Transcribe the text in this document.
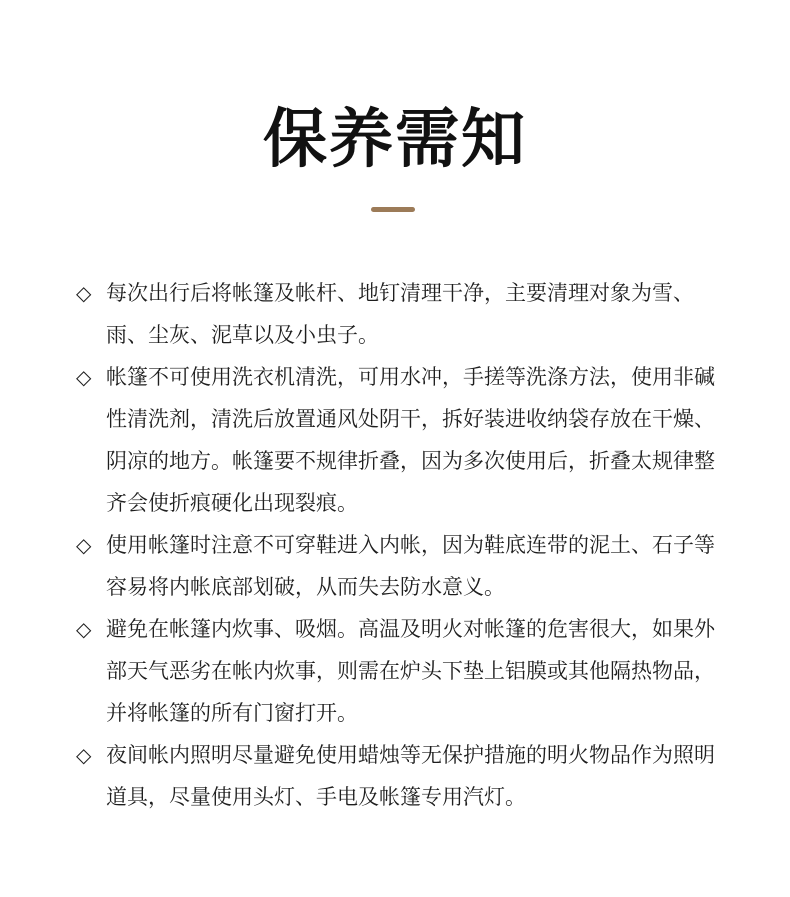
保养需知
◇ 每次出行后将帐篷及帐杆、地钉清理干净，主要清理对象为雪、雨、尘灰、泥草以及小虫子。
◇ 帐篷不可使用洗衣机清洗，可用水冲，手搓等洗涤方法，使用非碱性清洗剂，清洗后放置通风处阴干，拆好装进收纳袋存放在干燥、阴凉的地方。帐篷要不规律折叠，因为多次使用后，折叠太规律整齐会使折痕硬化出现裂痕。
◇ 使用帐篷时注意不可穿鞋进入内帐，因为鞋底连带的泥土、石子等容易将内帐底部划破，从而失去防水意义。
◇ 避免在帐篷内炊事、吸烟。高温及明火对帐篷的危害很大，如果外部天气恶劣在帐内炊事，则需在炉头下垫上铝膜或其他隔热物品，并将帐篷的所有门窗打开。
◇ 夜间帐内照明尽量避免使用蜡烛等无保护措施的明火物品作为照明道具，尽量使用头灯、手电及帐篷专用汽灯。
